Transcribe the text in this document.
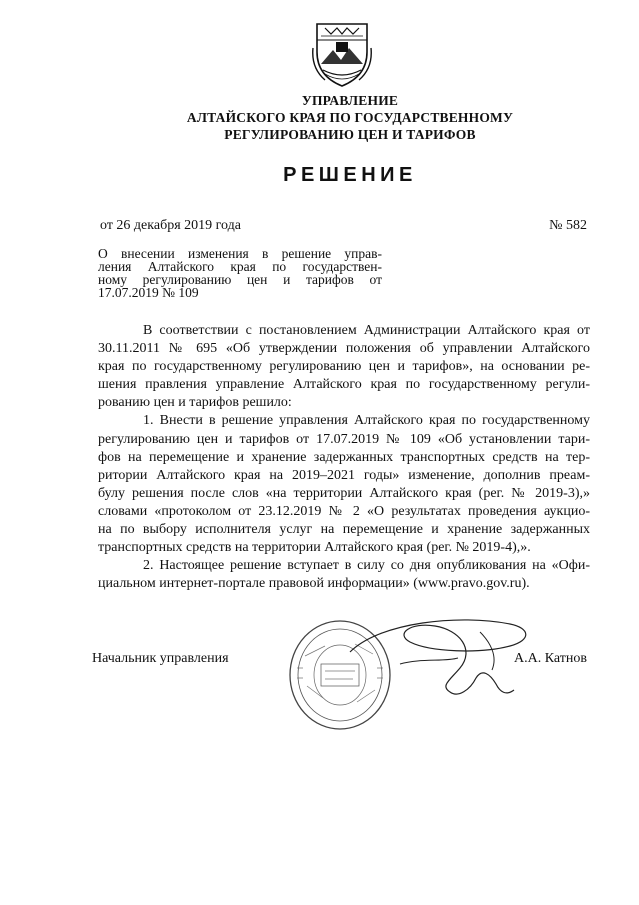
УПРАВЛЕНИЕ
АЛТАЙСКОГО КРАЯ ПО ГОСУДАРСТВЕННОМУ
РЕГУЛИРОВАНИЮ ЦЕН И ТАРИФОВ
РЕШЕНИЕ
от 26 декабря 2019 года	№ 582
О внесении изменения в решение управ-
ления Алтайского края по государствен-
ному регулированию цен и тарифов от
17.07.2019 № 109
В соответствии с постановлением Администрации Алтайского края от
30.11.2011 № 695 «Об утверждении положения об управлении Алтайского
края по государственному регулированию цен и тарифов», на основании ре-
шения правления управление Алтайского края по государственному регули-
рованию цен и тарифов решило:
1. Внести в решение управления Алтайского края по государственному
регулированию цен и тарифов от 17.07.2019 № 109 «Об установлении тари-
фов на перемещение и хранение задержанных транспортных средств на тер-
ритории Алтайского края на 2019–2021 годы» изменение, дополнив преам-
булу решения после слов «на территории Алтайского края (рег. № 2019-3),»
словами «протоколом от 23.12.2019 № 2 «О результатах проведения аукцио-
на по выбору исполнителя услуг на перемещение и хранение задержанных
транспортных средств на территории Алтайского края (рег. № 2019-4),».
2. Настоящее решение вступает в силу со дня опубликования на «Офи-
циальном интернет-портале правовой информации» (www.pravo.gov.ru).
Начальник управления	А.А. Катнов
